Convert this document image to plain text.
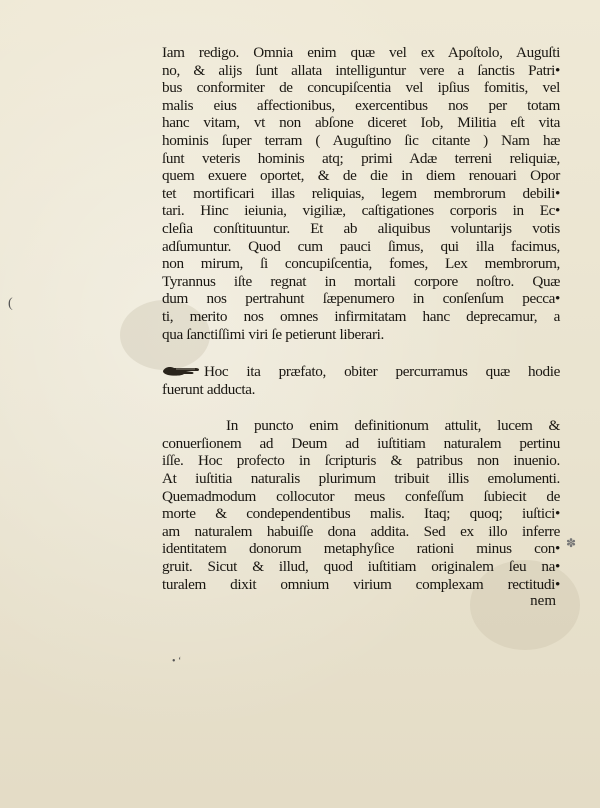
Iam redigo. Omnia enim quæ vel ex Apoſtolo, Auguſti
no, & alijs ſunt allata intelliguntur vere a ſanctis Patri•
bus conformiter de concupiſcentia vel ipſius fomitis, vel
malis eius affectionibus, exercentibus nos per totam
hanc vitam, vt non abſone diceret Iob, Militia eſt vita
hominis ſuper terram ( Auguſtino ſic citante ) Nam hæ
ſunt veteris hominis atq; primi Adæ terreni reliquiæ,
quem exuere oportet, & de die in diem renouari Opor
tet mortificari illas reliquias, legem membrorum debili•
tari. Hinc ieiunia, vigiliæ, caſtigationes corporis in Ec•
cleſia conſtituuntur. Et ab aliquibus voluntarijs votis
adſumuntur. Quod cum pauci ſimus, qui illa facimus,
non mirum, ſi concupiſcentia, fomes, Lex membrorum,
Tyrannus iſte regnat in mortali corpore noſtro. Quæ
dum nos pertrahunt ſæpenumero in conſenſum pecca•
ti, merito nos omnes infirmitatam hanc deprecamur, a
qua ſanctiſſimi viri ſe petierunt liberari.
Hoc ita præfato, obiter percurramus quæ hodie
fuerunt adducta.
In puncto enim definitionum attulit, lucem &
conuerſionem ad Deum ad iuſtitiam naturalem pertinu
iſſe. Hoc profecto in ſcripturis & patribus non inuenio.
At iuſtitia naturalis plurimum tribuit illis emolumenti.
Quemadmodum collocutor meus confeſſum ſubiecit de
morte & condependentibus malis. Itaq; quoq; iuſtici•
am naturalem habuiſſe dona addita. Sed ex illo inferre
identitatem donorum metaphyſice rationi minus con•
gruit. Sicut & illud, quod iuſtitiam originalem ſeu na•
turalem dixit omnium virium complexam rectitudi•
nem
• ‘
(
✽
